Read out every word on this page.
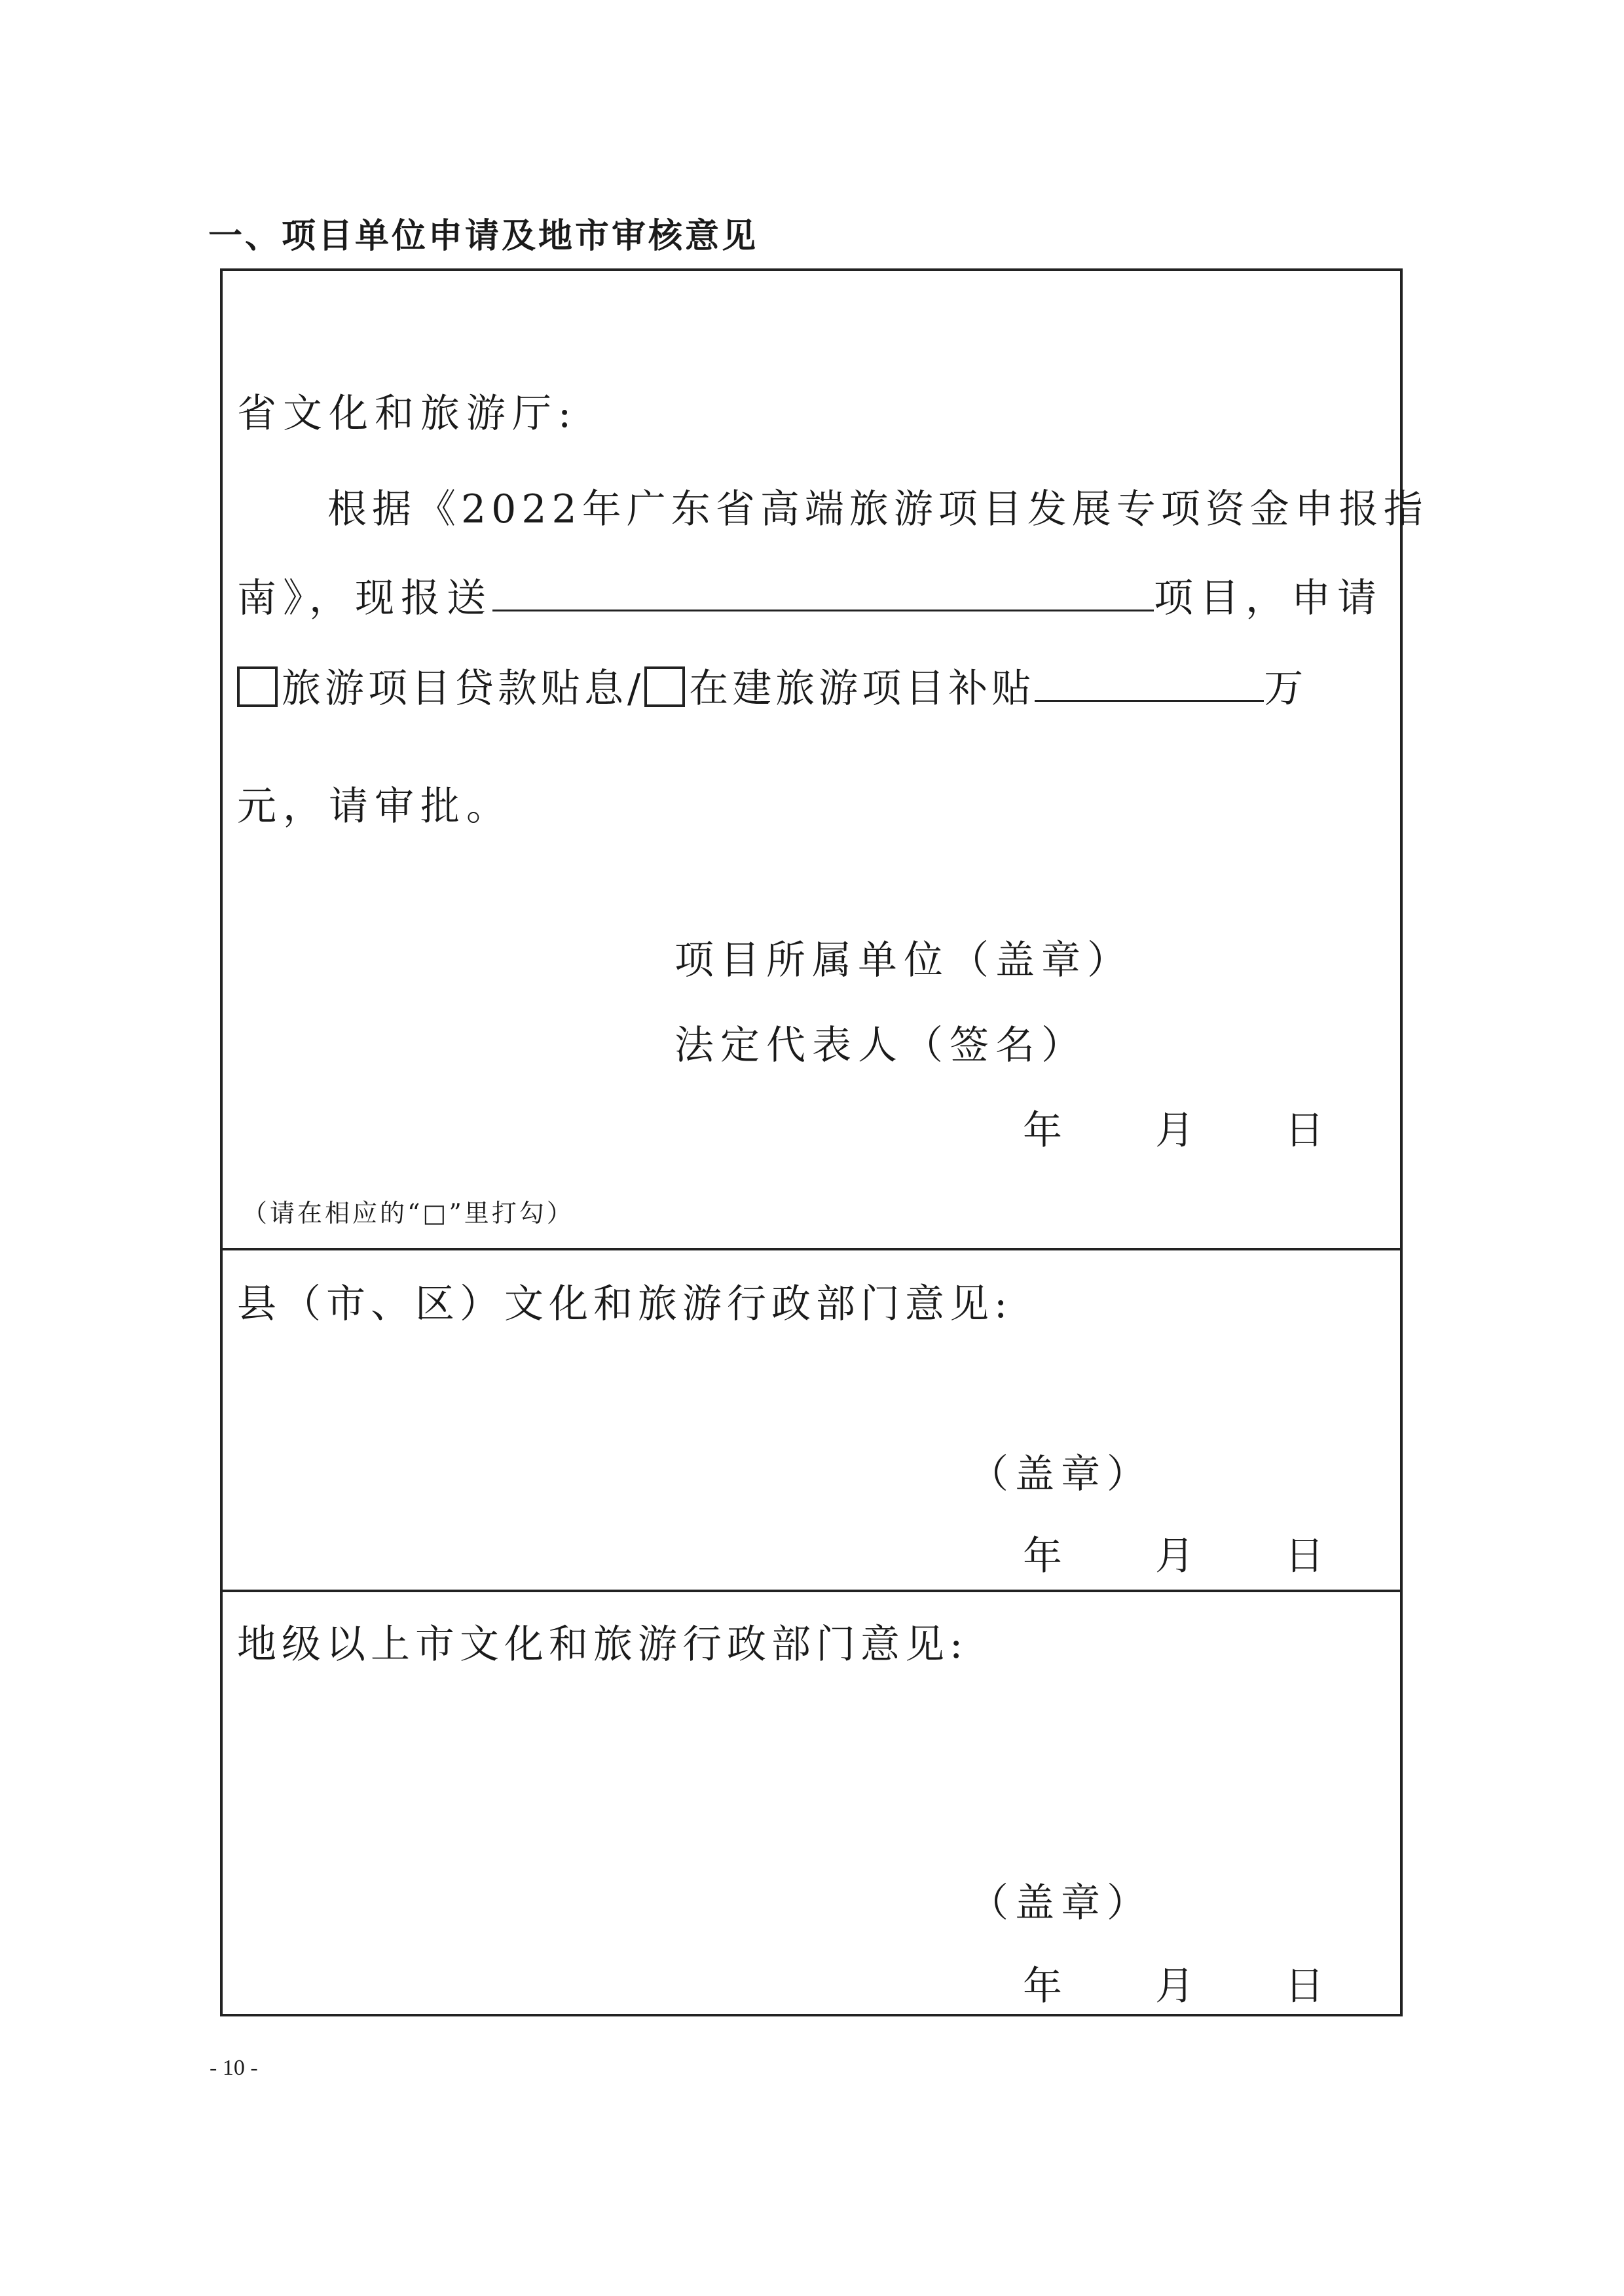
一、项目单位申请及地市审核意见
省文化和旅游厅:
根据《2022年广东省高端旅游项目发展专项资金申报指
南》，现报送	项目，申请
旅游项目贷款贴息/ 在建旅游项目补贴	万
元，请审批。
项目所属单位（盖章）
法定代表人（签名）
年 月 日
（请在相应的“□”里打勾）
县（市、区）文化和旅游行政部门意见:
（盖章）
年 月 日
地级以上市文化和旅游行政部门意见:
（盖章）
年 月 日
- 10 -
